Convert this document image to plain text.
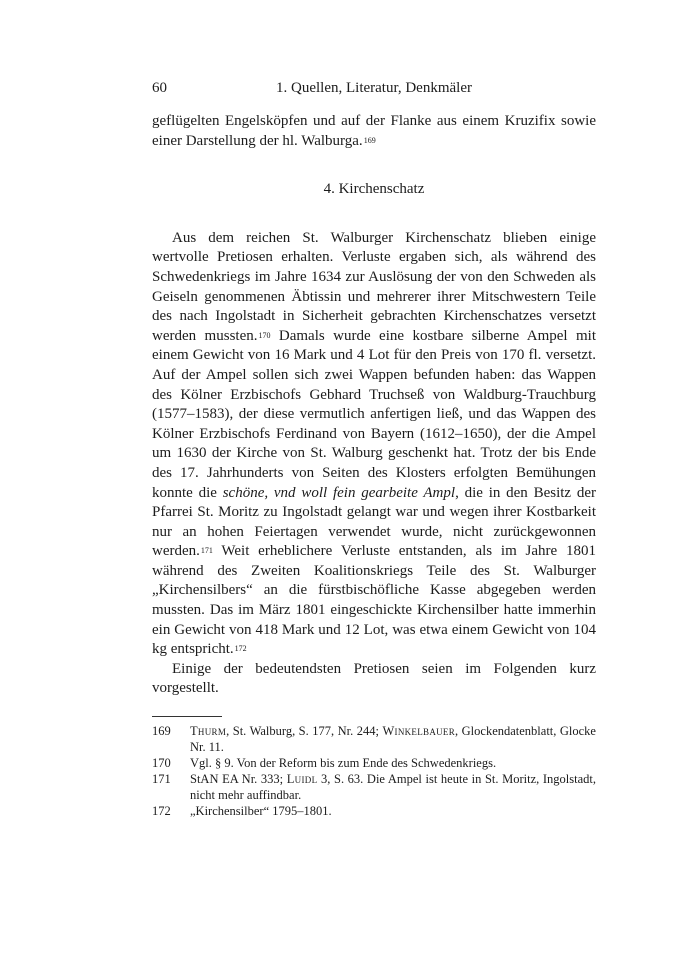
60	1. Quellen, Literatur, Denkmäler

geflügelten Engelsköpfen und auf der Flanke aus einem Kruzifix sowie einer Darstellung der hl. Walburga.$^{169}$

4. Kirchenschatz

Aus dem reichen St. Walburger Kirchenschatz blieben einige wertvolle Pretiosen erhalten. Verluste ergaben sich, als während des Schwedenkriegs im Jahre 1634 zur Auslösung der von den Schweden als Geiseln genommenen Äbtissin und mehrerer ihrer Mitschwestern Teile des nach Ingolstadt in Sicherheit gebrachten Kirchenschatzes versetzt werden mussten.$^{170}$ Damals wurde eine kostbare silberne Ampel mit einem Gewicht von 16 Mark und 4 Lot für den Preis von 170 fl. versetzt. Auf der Ampel sollen sich zwei Wappen befunden haben: das Wappen des Kölner Erzbischofs Gebhard Truchseß von Waldburg-Trauchburg (1577–1583), der diese vermutlich anfertigen ließ, und das Wappen des Kölner Erzbischofs Ferdinand von Bayern (1612–1650), der die Ampel um 1630 der Kirche von St. Walburg geschenkt hat. Trotz der bis Ende des 17. Jahrhunderts von Seiten des Klosters erfolgten Bemühungen konnte die schöne, vnd woll fein gearbeite Ampl, die in den Besitz der Pfarrei St. Moritz zu Ingolstadt gelangt war und wegen ihrer Kostbarkeit nur an hohen Feiertagen verwendet wurde, nicht zurückgewonnen werden.$^{171}$ Weit erheblichere Verluste entstanden, als im Jahre 1801 während des Zweiten Koalitionskriegs Teile des St. Walburger „Kirchensilbers“ an die fürstbischöfliche Kasse abgegeben werden mussten. Das im März 1801 eingeschickte Kirchensilber hatte immerhin ein Gewicht von 418 Mark und 12 Lot, was etwa einem Gewicht von 104 kg entspricht.$^{172}$

Einige der bedeutendsten Pretiosen seien im Folgenden kurz vorgestellt.

169 Thurm, St. Walburg, S. 177, Nr. 244; Winkelbauer, Glockendatenblatt, Glocke Nr. 11.
170 Vgl. § 9. Von der Reform bis zum Ende des Schwedenkriegs.
171 StAN EA Nr. 333; Luidl 3, S. 63. Die Ampel ist heute in St. Moritz, Ingolstadt, nicht mehr auffindbar.
172 „Kirchensilber“ 1795–1801.
